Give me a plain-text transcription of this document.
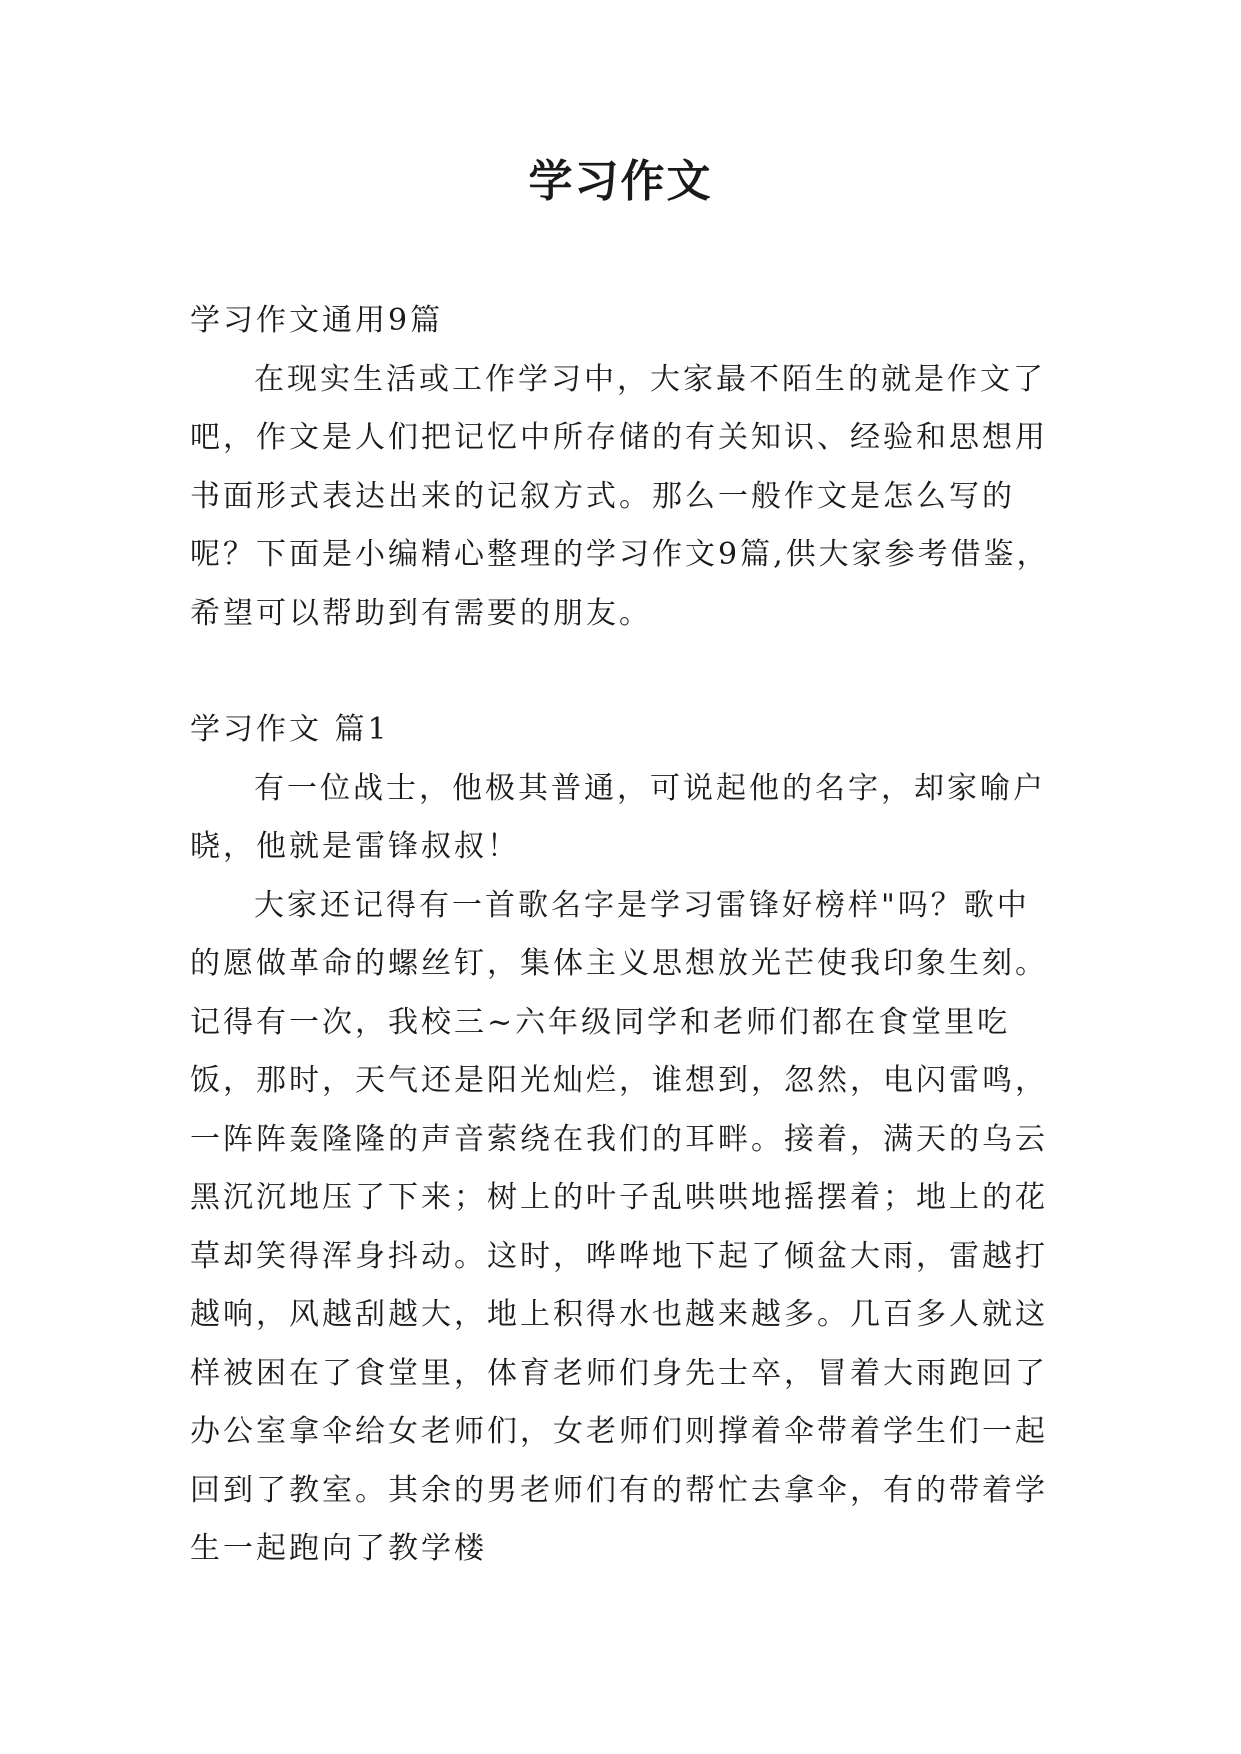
学习作文

学习作文通用9篇

在现实生活或工作学习中，大家最不陌生的就是作文了吧，作文是人们把记忆中所存储的有关知识、经验和思想用书面形式表达出来的记叙方式。那么一般作文是怎么写的呢？下面是小编精心整理的学习作文9篇,供大家参考借鉴，希望可以帮助到有需要的朋友。

学习作文 篇1

有一位战士，他极其普通，可说起他的名字，却家喻户晓，他就是雷锋叔叔！

大家还记得有一首歌名字是学习雷锋好榜样"吗？歌中的愿做革命的螺丝钉，集体主义思想放光芒使我印象生刻。记得有一次，我校三~六年级同学和老师们都在食堂里吃饭，那时，天气还是阳光灿烂，谁想到，忽然，电闪雷鸣，一阵阵轰隆隆的声音萦绕在我们的耳畔。接着，满天的乌云黑沉沉地压了下来；树上的叶子乱哄哄地摇摆着；地上的花草却笑得浑身抖动。这时，哗哗地下起了倾盆大雨，雷越打越响，风越刮越大，地上积得水也越来越多。几百多人就这样被困在了食堂里，体育老师们身先士卒，冒着大雨跑回了办公室拿伞给女老师们，女老师们则撑着伞带着学生们一起回到了教室。其余的男老师们有的帮忙去拿伞，有的带着学生一起跑向了教学楼
